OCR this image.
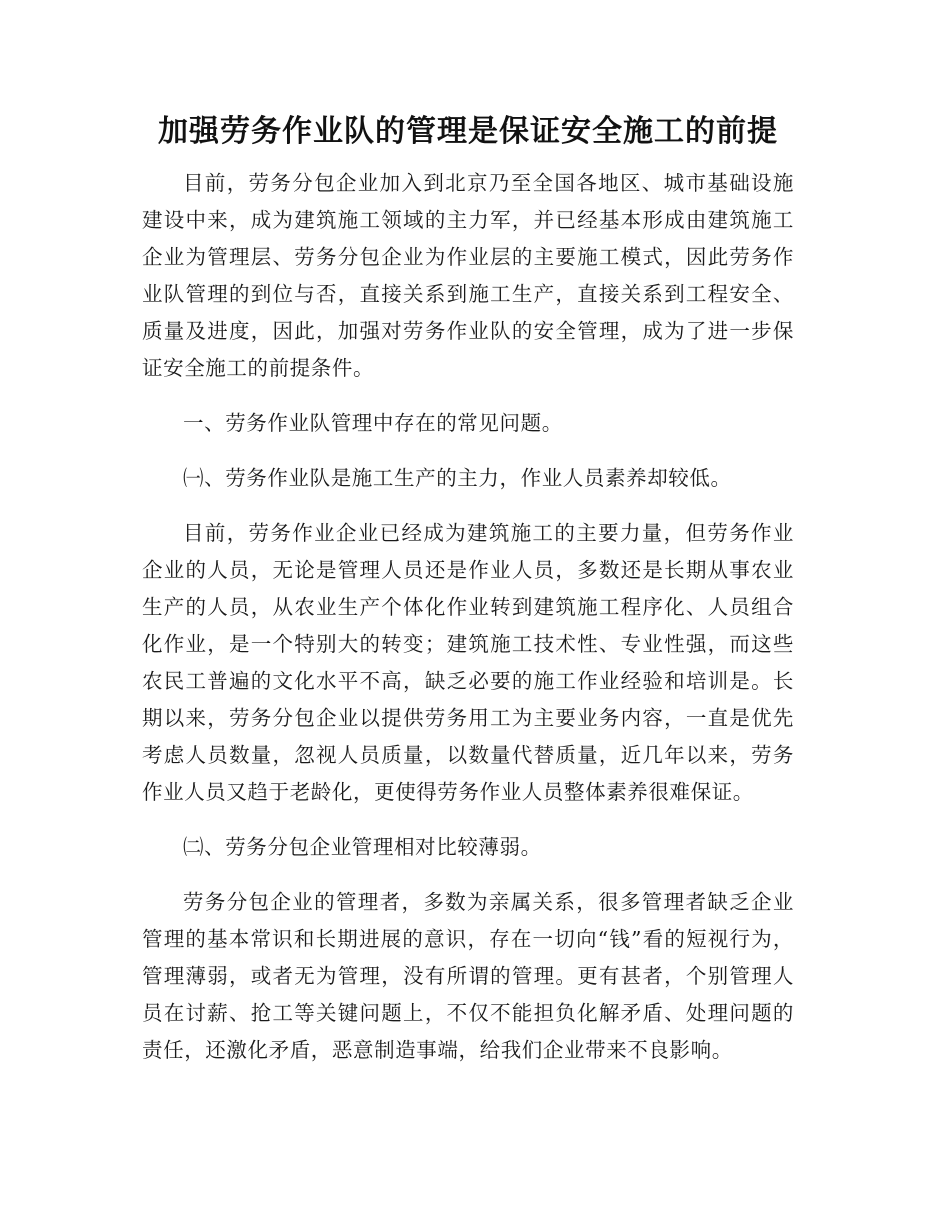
加强劳务作业队的管理是保证安全施工的前提

目前，劳务分包企业加入到北京乃至全国各地区、城市基础设施建设中来，成为建筑施工领域的主力军，并已经基本形成由建筑施工企业为管理层、劳务分包企业为作业层的主要施工模式，因此劳务作业队管理的到位与否，直接关系到施工生产，直接关系到工程安全、质量及进度，因此，加强对劳务作业队的安全管理，成为了进一步保证安全施工的前提条件。

一、劳务作业队管理中存在的常见问题。

㈠、劳务作业队是施工生产的主力，作业人员素养却较低。

目前，劳务作业企业已经成为建筑施工的主要力量，但劳务作业企业的人员，无论是管理人员还是作业人员，多数还是长期从事农业生产的人员，从农业生产个体化作业转到建筑施工程序化、人员组合化作业，是一个特别大的转变；建筑施工技术性、专业性强，而这些农民工普遍的文化水平不高，缺乏必要的施工作业经验和培训是。长期以来，劳务分包企业以提供劳务用工为主要业务内容，一直是优先考虑人员数量，忽视人员质量，以数量代替质量，近几年以来，劳务作业人员又趋于老龄化，更使得劳务作业人员整体素养很难保证。

㈡、劳务分包企业管理相对比较薄弱。

劳务分包企业的管理者，多数为亲属关系，很多管理者缺乏企业管理的基本常识和长期进展的意识，存在一切向“钱”看的短视行为，管理薄弱，或者无为管理，没有所谓的管理。更有甚者，个别管理人员在讨薪、抢工等关键问题上，不仅不能担负化解矛盾、处理问题的责任，还激化矛盾，恶意制造事端，给我们企业带来不良影响。
